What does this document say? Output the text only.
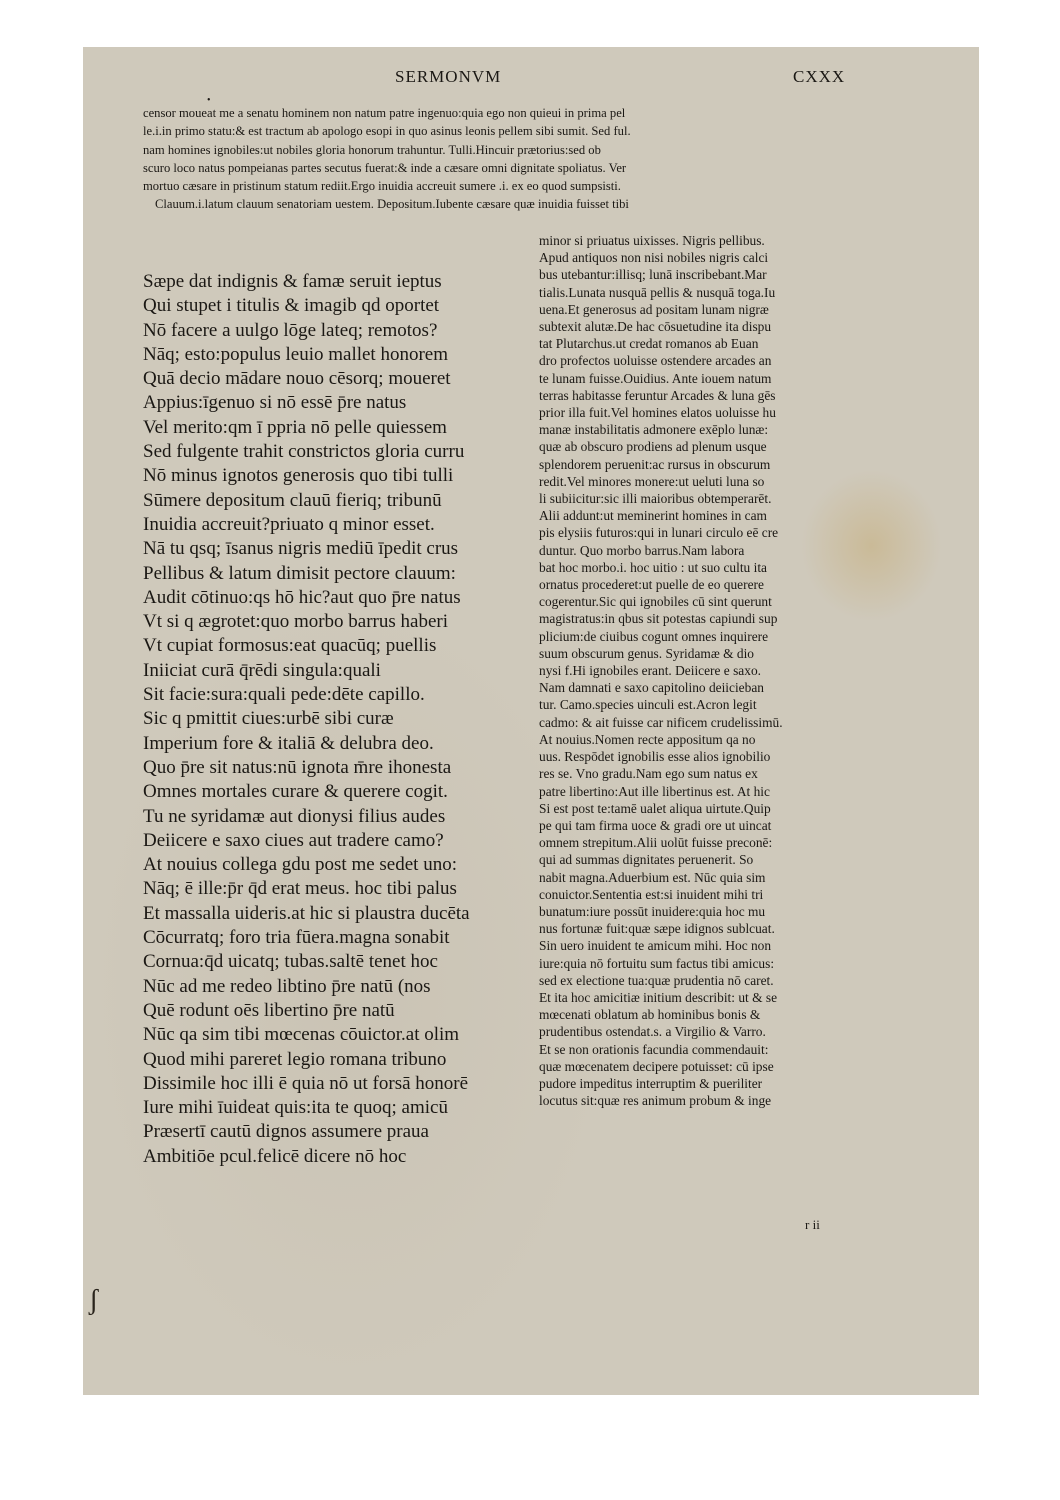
SERMONVM	CXXX
•
censor moueat me a senatu hominem non natum patre ingenuo:quia ego non quieui in prima pel
le.i.in primo statu:& est tractum ab apologo esopi in quo asinus leonis pellem sibi sumit. Sed ful.
nam homines ignobiles:ut nobiles gloria honorum trahuntur. Tulli.Hincuir prætorius:sed ob
scuro loco natus pompeianas partes secutus fuerat:& inde a cæsare omni dignitate spoliatus. Ver
mortuo cæsare in pristinum statum rediit.Ergo inuidia accreuit sumere .i. ex eo quod sumpsisti.
Clauum.i.latum clauum senatoriam uestem. Depositum.Iubente cæsare quæ inuidia fuisset tibi
Sæpe dat indignis & famæ seruit ieptus
Qui stupet i titulis & imagib qd oportet
Nō facere a uulgo lōge lateq; remotos?
Nāq; esto:populus leuio mallet honorem
Quā decio mādare nouo cēsorq; moueret
Appius:īgenuo si nō essē p̄re natus
Vel merito:qm ī ppria nō pelle quiessem
Sed fulgente trahit constrictos gloria curru
Nō minus ignotos generosis quo tibi tulli
Sūmere depositum clauū fieriq; tribunū
Inuidia accreuit?priuato q minor esset.
Nā tu qsq; īsanus nigris mediū īpedit crus
Pellibus & latum dimisit pectore clauum:
Audit cōtinuo:qs hō hic?aut quo p̄re natus
Vt si q ægrotet:quo morbo barrus haberi
Vt cupiat formosus:eat quacūq; puellis
Iniiciat curā q̄rēdi singula:quali
Sit facie:sura:quali pede:dēte capillo.
Sic q pmittit ciues:urbē sibi curæ
Imperium fore & italiā & delubra deo.
Quo p̄re sit natus:nū ignota m̄re ihonesta
Omnes mortales curare & querere cogit.
Tu ne syridamæ aut dionysi filius audes
Deiicere e saxo ciues aut tradere camo?
At nouius collega gdu post me sedet uno:
Nāq; ē ille:p̄r q̄d erat meus. hoc tibi palus
Et massalla uideris.at hic si plaustra ducēta
Cōcurratq; foro tria fūera.magna sonabit
Cornua:q̄d uicatq; tubas.saltē tenet hoc
Nūc ad me redeo libtino p̄re natū (nos
Quē rodunt oēs libertino p̄re natū
Nūc qa sim tibi mœcenas cōuictor.at olim
Quod mihi pareret legio romana tribuno
Dissimile hoc illi ē quia nō ut forsā honorē
Iure mihi īuideat quis:ita te quoq; amicū
Præsertī cautū dignos assumere praua
Ambitiōe pcul.felicē dicere nō hoc
minor si priuatus uixisses. Nigris pellibus.
Apud antiquos non nisi nobiles nigris calci
bus utebantur:illisq; lunā inscribebant.Mar
tialis.Lunata nusquā pellis & nusquā toga.Iu
uena.Et generosus ad positam lunam nigræ
subtexit alutæ.De hac cōsuetudine ita dispu
tat Plutarchus.ut credat romanos ab Euan
dro profectos uoluisse ostendere arcades an
te lunam fuisse.Ouidius. Ante iouem natum
terras habitasse feruntur Arcades & luna gēs
prior illa fuit.Vel homines elatos uoluisse hu
manæ instabilitatis admonere exēplo lunæ:
quæ ab obscuro prodiens ad plenum usque
splendorem peruenit:ac rursus in obscurum
redit.Vel minores monere:ut ueluti luna so
li subiicitur:sic illi maioribus obtemperarēt.
Alii addunt:ut meminerint homines in cam
pis elysiis futuros:qui in lunari circulo eē cre
duntur. Quo morbo barrus.Nam labora
bat hoc morbo.i. hoc uitio : ut suo cultu ita
ornatus procederet:ut puelle de eo querere
cogerentur.Sic qui ignobiles cū sint querunt
magistratus:in qbus sit potestas capiundi sup
plicium:de ciuibus cogunt omnes inquirere
suum obscurum genus. Syridamæ & dio
nysi f.Hi ignobiles erant. Deiicere e saxo.
Nam damnati e saxo capitolino deiicieban
tur. Camo.species uinculi est.Acron legit
cadmo: & ait fuisse car nificem crudelissimū.
At nouius.Nomen recte appositum qa no
uus. Respōdet ignobilis esse alios ignobilio
res se. Vno gradu.Nam ego sum natus ex
patre libertino:Aut ille libertinus est. At hic
Si est post te:tamē ualet aliqua uirtute.Quip
pe qui tam firma uoce & gradi ore ut uincat
omnem strepitum.Alii uolūt fuisse preconē:
qui ad summas dignitates peruenerit. So
nabit magna.Aduerbium est. Nūc quia sim
conuictor.Sententia est:si inuident mihi tri
bunatum:iure possūt inuidere:quia hoc mu
nus fortunæ fuit:quæ sæpe idignos sublcuat.
Sin uero inuident te amicum mihi. Hoc non
iure:quia nō fortuitu sum factus tibi amicus:
sed ex electione tua:quæ prudentia nō caret.
Et ita hoc amicitiæ initium describit: ut & se
mœcenati oblatum ab hominibus bonis &
prudentibus ostendat.s. a Virgilio & Varro.
Et se non orationis facundia commendauit:
quæ mœcenatem decipere potuisset: cū ipse
pudore impeditus interruptim & pueriliter
locutus sit:quæ res animum probum & inge
r ii
ʃ
